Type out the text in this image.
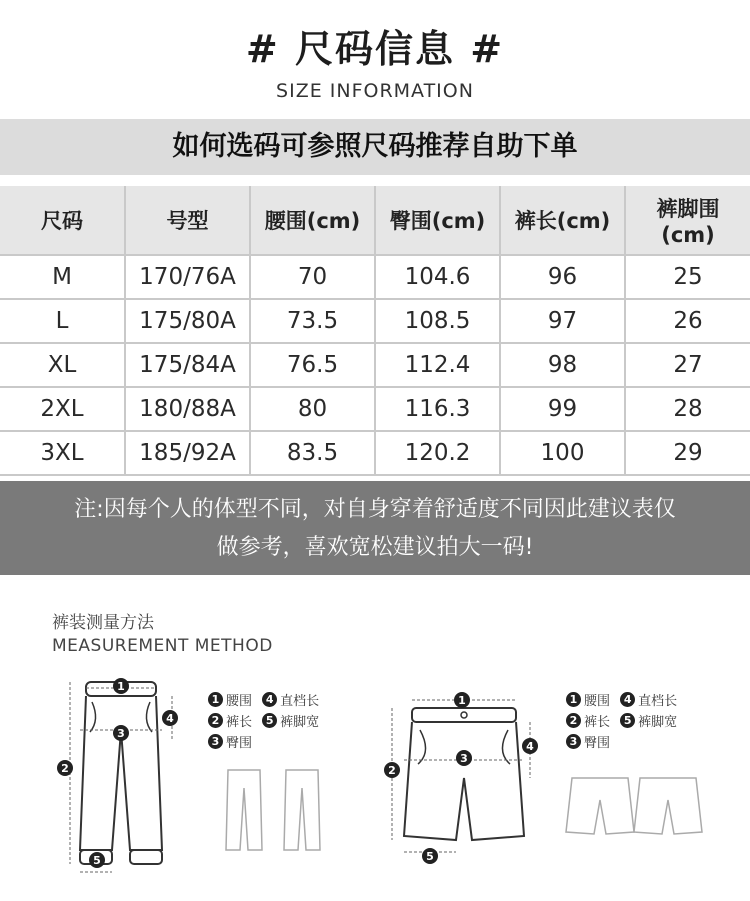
# 尺码信息 #
SIZE INFORMATION
如何选码可参照尺码推荐自助下单
尺码	号型	腰围(cm)	臀围(cm)	裤长(cm)	裤脚围
(cm)

M	170/76A	70	104.6	96	25
L	175/80A	73.5	108.5	97	26
XL	175/84A	76.5	112.4	98	27
2XL	180/88A	80	116.3	99	28
3XL	185/92A	83.5	120.2	100	29
注:因每个人的体型不同，对自身穿着舒适度不同因此建议表仅
做参考，喜欢宽松建议拍大一码!
裤装测量方法
MEASUREMENT METHOD
1
2
3
4
5
1
2
3
4
5
1 腰围 4 直档长
2 裤长 5 裤脚宽
3 臀围
1 腰围 4 直档长
2 裤长 5 裤脚宽
3 臀围
